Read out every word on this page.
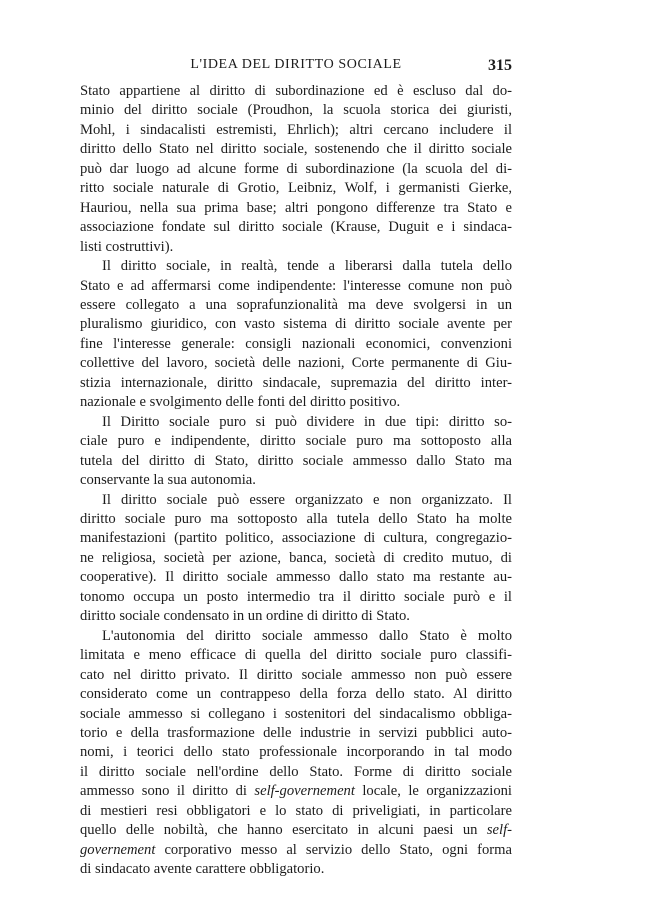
L'IDEA DEL DIRITTO SOCIALE	315

Stato appartiene al diritto di subordinazione ed è escluso dal do-
minio del diritto sociale (Proudhon, la scuola storica dei giuristi,
Mohl, i sindacalisti estremisti, Ehrlich); altri cercano includere il
diritto dello Stato nel diritto sociale, sostenendo che il diritto sociale
può dar luogo ad alcune forme di subordinazione (la scuola del di-
ritto sociale naturale di Grotio, Leibniz, Wolf, i germanisti Gierke,
Hauriou, nella sua prima base; altri pongono differenze tra Stato e
associazione fondate sul diritto sociale (Krause, Duguit e i sindaca-
listi costruttivi).

Il diritto sociale, in realtà, tende a liberarsi dalla tutela dello
Stato e ad affermarsi come indipendente: l'interesse comune non può
essere collegato a una soprafunzionalità ma deve svolgersi in un
pluralismo giuridico, con vasto sistema di diritto sociale avente per
fine l'interesse generale: consigli nazionali economici, convenzioni
collettive del lavoro, società delle nazioni, Corte permanente di Giu-
stizia internazionale, diritto sindacale, supremazia del diritto inter-
nazionale e svolgimento delle fonti del diritto positivo.

Il Diritto sociale puro si può dividere in due tipi: diritto so-
ciale puro e indipendente, diritto sociale puro ma sottoposto alla
tutela del diritto di Stato, diritto sociale ammesso dallo Stato ma
conservante la sua autonomia.

Il diritto sociale può essere organizzato e non organizzato. Il
diritto sociale puro ma sottoposto alla tutela dello Stato ha molte
manifestazioni (partito politico, associazione di cultura, congregazio-
ne religiosa, società per azione, banca, società di credito mutuo, di
cooperative). Il diritto sociale ammesso dallo stato ma restante au-
tonomo occupa un posto intermedio tra il diritto sociale purò e il
diritto sociale condensato in un ordine di diritto di Stato.

L'autonomia del diritto sociale ammesso dallo Stato è molto
limitata e meno efficace di quella del diritto sociale puro classifi-
cato nel diritto privato. Il diritto sociale ammesso non può essere
considerato come un contrappeso della forza dello stato. Al diritto
sociale ammesso si collegano i sostenitori del sindacalismo obbliga-
torio e della trasformazione delle industrie in servizi pubblici auto-
nomi, i teorici dello stato professionale incorporando in tal modo
il diritto sociale nell'ordine dello Stato. Forme di diritto sociale
ammesso sono il diritto di self-governement locale, le organizzazioni
di mestieri resi obbligatori e lo stato di priveligiati, in particolare
quello delle nobiltà, che hanno esercitato in alcuni paesi un self-
governement corporativo messo al servizio dello Stato, ogni forma
di sindacato avente carattere obbligatorio.
